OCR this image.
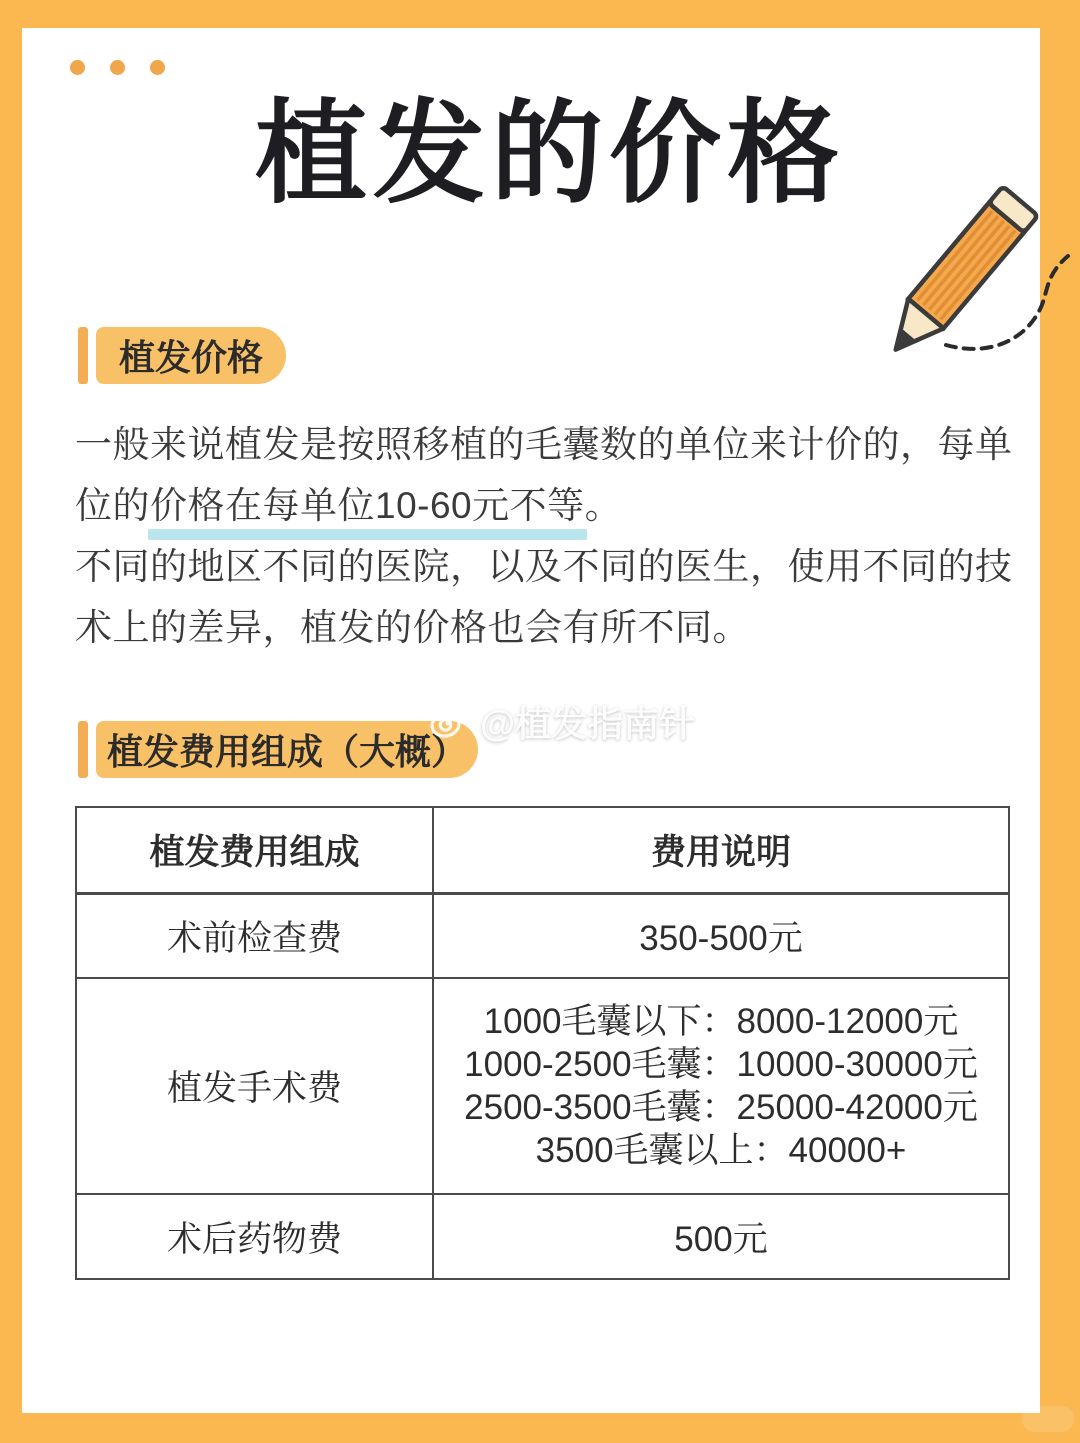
植发的价格
植发价格
一般来说植发是按照移植的毛囊数的单位来计价的，每单
位的价格在每单位10-60元不等。
不同的地区不同的医院，以及不同的医生，使用不同的技
术上的差异，植发的价格也会有所不同。
@植发指南针
植发费用组成（大概）
植发费用组成	费用说明
术前检查费	350-500元
植发手术费	1000毛囊以下：8000-12000元
1000-2500毛囊：10000-30000元
2500-3500毛囊：25000-42000元
3500毛囊以上：40000+

术后药物费	500元
